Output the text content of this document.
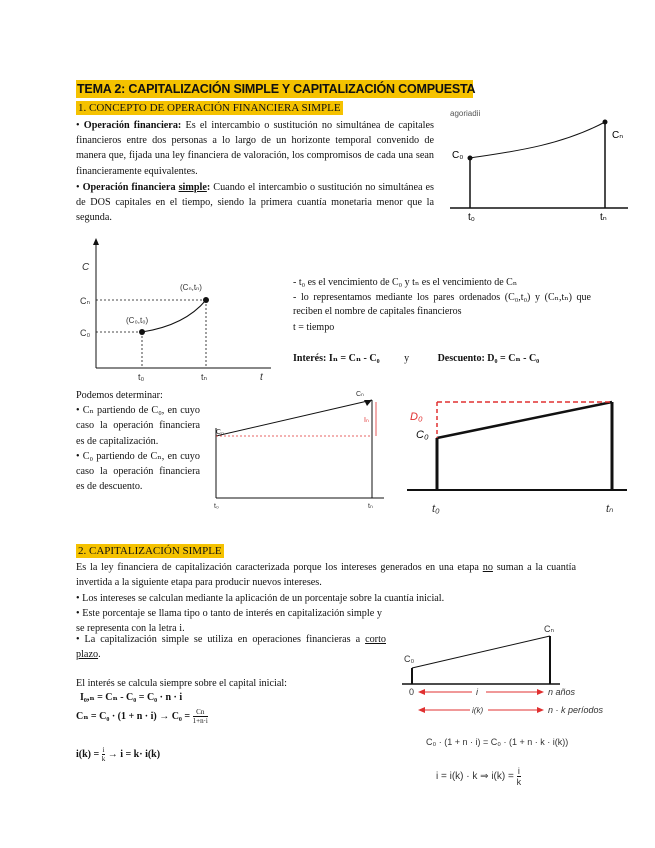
TEMA 2: CAPITALIZACIÓN SIMPLE Y CAPITALIZACIÓN COMPUESTA
1. CONCEPTO DE OPERACIÓN FINANCIERA SIMPLE
• Operación financiera: Es el intercambio o sustitución no simultánea de capitales financieros entre dos personas a lo largo de un horizonte temporal convenido de manera que, fijada una ley financiera de valoración, los compromisos de cada una sean financieramente equivalentes.
• Operación financiera simple: Cuando el intercambio o sustitución no simultánea es de DOS capitales en el tiempo, siendo la primera cuantía monetaria menor que la segunda.
agoriadii
C₀
Cₙ
t₀	tₙ
C
t
Cₙ
C₀
t₀	tₙ
(C₀,t₀)
(Cₙ,tₙ)	- t₀ es el vencimiento de C₀ y tₙ es el vencimiento de Cₙ
- lo representamos mediante los pares ordenados (C₀,t₀) y (Cₙ,tₙ) que reciben el nombre de capitales financieros
t = tiempo
Interés: Iₙ = Cₙ - C₀ y	Descuento: D₀ = Cₙ - C₀
Podemos determinar:
• Cₙ partiendo de C₀, en cuyo caso la operación financiera es de capitalización.
• C₀ partiendo de Cₙ, en cuyo caso la operación financiera es de descuento.
C₀
Cₙ
Iₙ
t₀	tₙ
D₀
C₀
t₀	tₙ
2. CAPITALIZACIÓN SIMPLE
Es la ley financiera de capitalización caracterizada porque los intereses generados en una etapa no suman a la cuantía invertida a la siguiente etapa para producir nuevos intereses.
• Los intereses se calculan mediante la aplicación de un porcentaje sobre la cuantía inicial.
• Este porcentaje se llama tipo o tanto de interés en capitalización simple y se representa con la letra i.
• La capitalización simple se utiliza en operaciones financieras a corto plazo.
El interés se calcula siempre sobre el capital inicial:
I₀,ₙ = Cₙ - C₀ = C₀ · n · i
$C_n = C_0 \cdot (1 + n \cdot i) \to C_0 = \frac{Cn}{1+n\cdot i}$
$i(k) = \frac{i}{k} \to i = k\cdot i(k)$
C₀
Cₙ
0	i	n años
i(k)	n · k períodos
C₀ · (1 + n · i) = C₀ · (1 + n · k · i(k))
i = i(k) · k ⇒ $i(k) = \frac{i}{k}$
